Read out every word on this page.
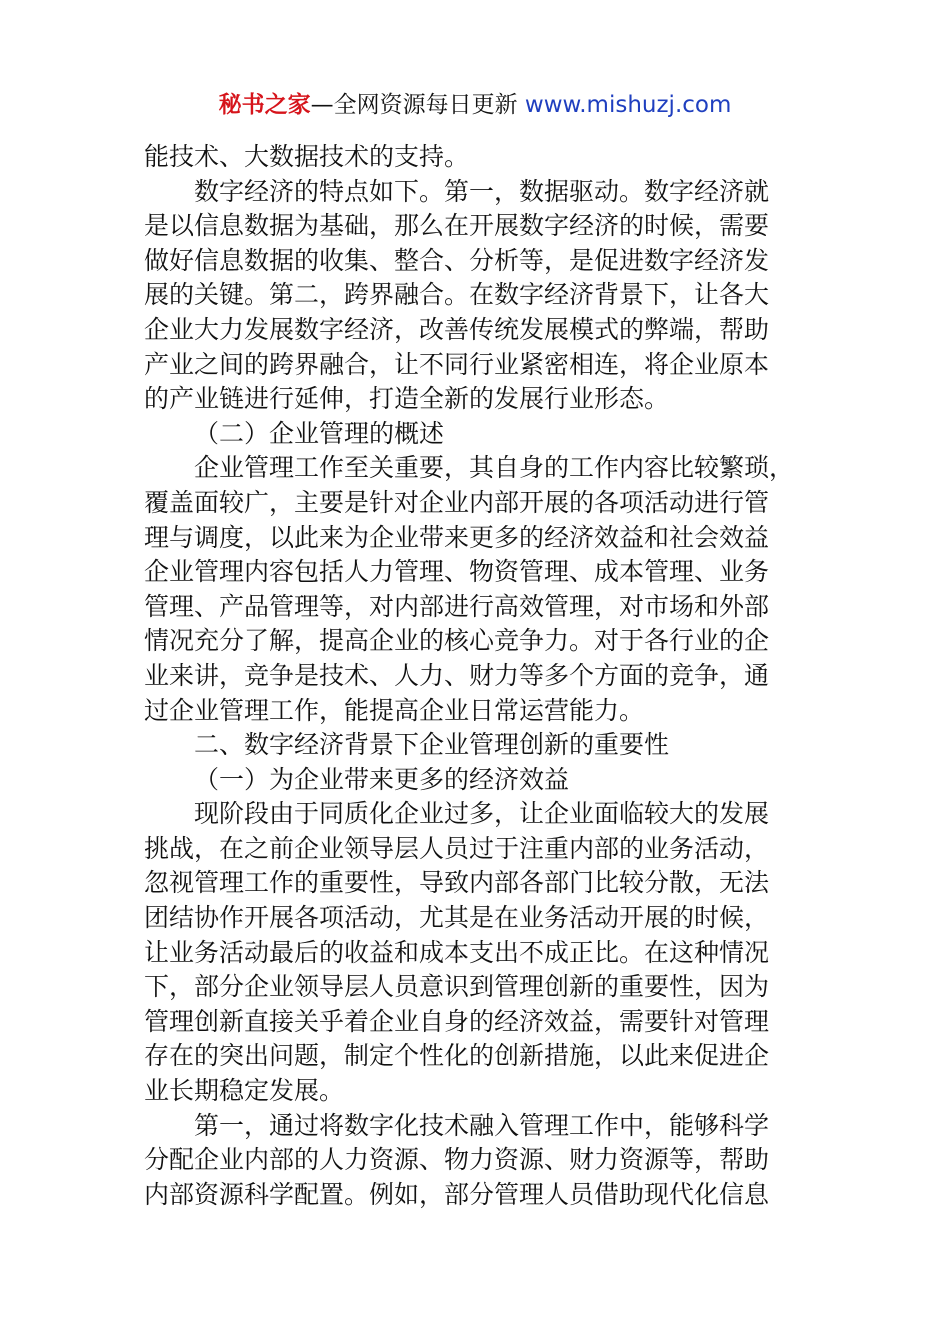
秘书之家—全网资源每日更新 www.mishuzj.com
能技术、大数据技术的支持。
数字经济的特点如下。第一，数据驱动。数字经济就
是以信息数据为基础，那么在开展数字经济的时候，需要
做好信息数据的收集、整合、分析等，是促进数字经济发
展的关键。第二，跨界融合。在数字经济背景下，让各大
企业大力发展数字经济，改善传统发展模式的弊端，帮助
产业之间的跨界融合，让不同行业紧密相连，将企业原本
的产业链进行延伸，打造全新的发展行业形态。
（二）企业管理的概述
企业管理工作至关重要，其自身的工作内容比较繁琐，
覆盖面较广，主要是针对企业内部开展的各项活动进行管
理与调度，以此来为企业带来更多的经济效益和社会效益
企业管理内容包括人力管理、物资管理、成本管理、业务
管理、产品管理等，对内部进行高效管理，对市场和外部
情况充分了解，提高企业的核心竞争力。对于各行业的企
业来讲，竞争是技术、人力、财力等多个方面的竞争，通
过企业管理工作，能提高企业日常运营能力。
二、数字经济背景下企业管理创新的重要性
（一）为企业带来更多的经济效益
现阶段由于同质化企业过多，让企业面临较大的发展
挑战，在之前企业领导层人员过于注重内部的业务活动，
忽视管理工作的重要性，导致内部各部门比较分散，无法
团结协作开展各项活动，尤其是在业务活动开展的时候，
让业务活动最后的收益和成本支出不成正比。在这种情况
下，部分企业领导层人员意识到管理创新的重要性，因为
管理创新直接关乎着企业自身的经济效益，需要针对管理
存在的突出问题，制定个性化的创新措施，以此来促进企
业长期稳定发展。
第一，通过将数字化技术融入管理工作中，能够科学
分配企业内部的人力资源、物力资源、财力资源等，帮助
内部资源科学配置。例如，部分管理人员借助现代化信息
